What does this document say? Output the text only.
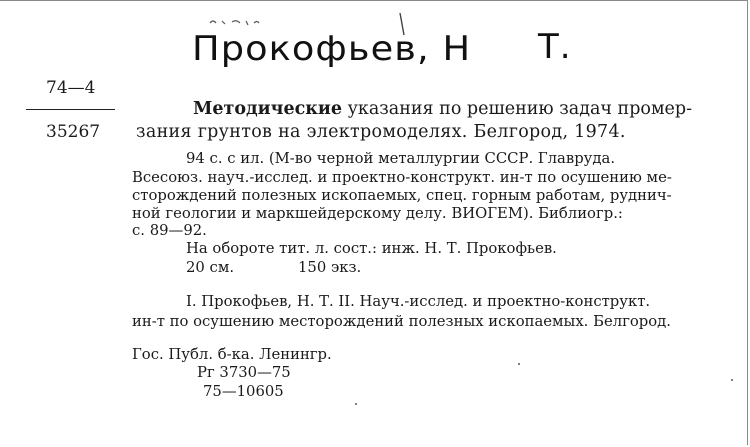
Прокофьев, Н Т.
74—4
35267
Методические указания по решению задач промер-
зания грунтов на электромоделях. Белгород, 1974.
94 с. с ил. (М-во черной металлургии СССР. Главруда.
Всесоюз. науч.-исслед. и проектно-конструкт. ин-т по осушению ме-
сторождений полезных ископаемых, спец. горным работам, руднич-
ной геологии и маркшейдерскому делу. ВИОГЕМ). Библиогр.:
с. 89—92.
На обороте тит. л. сост.: инж. Н. Т. Прокофьев.
20 см.	150 экз.
I. Прокофьев, Н. Т. II. Науч.-исслед. и проектно-конструкт.
ин-т по осушению месторождений полезных ископаемых. Белгород.
Гос. Публ. б-ка. Ленингр.
Рг 3730—75
75—10605
